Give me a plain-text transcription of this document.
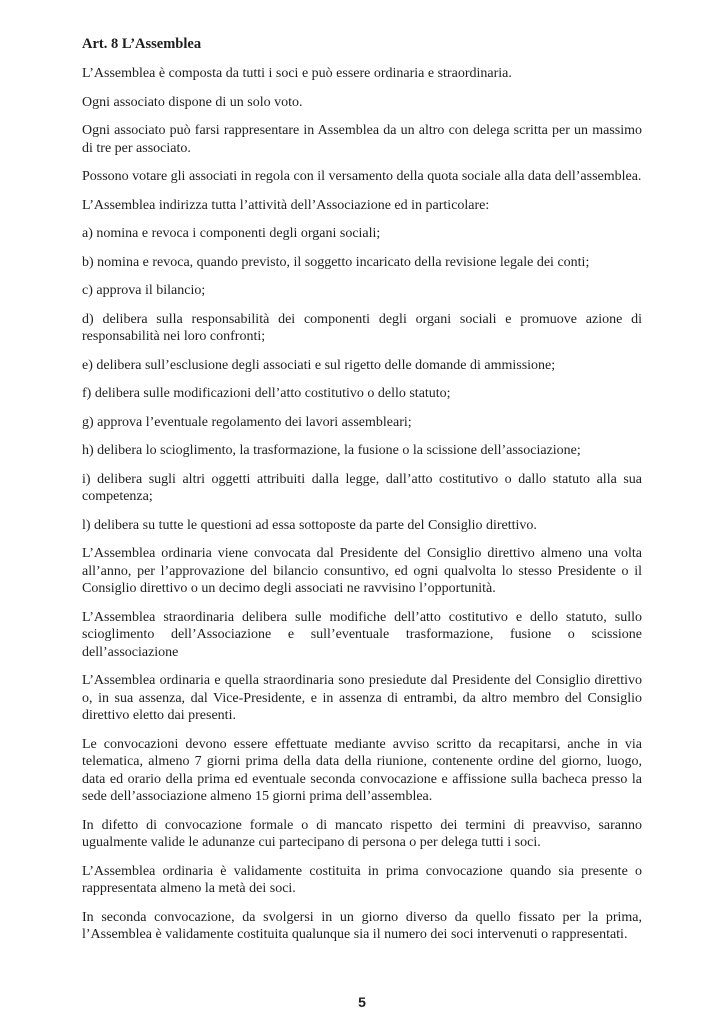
Art. 8 L’Assemblea

L’Assemblea è composta da tutti i soci e può essere ordinaria e straordinaria.

Ogni associato dispone di un solo voto.

Ogni associato può farsi rappresentare in Assemblea da un altro con delega scritta per un massimo di tre per associato.

Possono votare gli associati in regola con il versamento della quota sociale alla data dell’assemblea.

L’Assemblea indirizza tutta l’attività dell’Associazione ed in particolare:

a) nomina e revoca i componenti degli organi sociali;

b) nomina e revoca, quando previsto, il soggetto incaricato della revisione legale dei conti;

c) approva il bilancio;

d) delibera sulla responsabilità dei componenti degli organi sociali e promuove azione di responsabilità nei loro confronti;

e) delibera sull’esclusione degli associati e sul rigetto delle domande di ammissione;

f) delibera sulle modificazioni dell’atto costitutivo o dello statuto;

g) approva l’eventuale regolamento dei lavori assembleari;

h) delibera lo scioglimento, la trasformazione, la fusione o la scissione dell’associazione;

i) delibera sugli altri oggetti attribuiti dalla legge, dall’atto costitutivo o dallo statuto alla sua competenza;

l) delibera su tutte le questioni ad essa sottoposte da parte del Consiglio direttivo.

L’Assemblea ordinaria viene convocata dal Presidente del Consiglio direttivo almeno una volta all’anno, per l’approvazione del bilancio consuntivo, ed ogni qualvolta lo stesso Presidente o il Consiglio direttivo o un decimo degli associati ne ravvisino l’opportunità.

L’Assemblea straordinaria delibera sulle modifiche dell’atto costitutivo e dello statuto, sullo scioglimento dell’Associazione e sull’eventuale trasformazione, fusione o scissione dell’associazione

L’Assemblea ordinaria e quella straordinaria sono presiedute dal Presidente del Consiglio direttivo o, in sua assenza, dal Vice-Presidente, e in assenza di entrambi, da altro membro del Consiglio direttivo eletto dai presenti.

Le convocazioni devono essere effettuate mediante avviso scritto da recapitarsi, anche in via telematica, almeno 7 giorni prima della data della riunione, contenente ordine del giorno, luogo, data ed orario della prima ed eventuale seconda convocazione e affissione sulla bacheca presso la sede dell’associazione almeno 15 giorni prima dell’assemblea.

In difetto di convocazione formale o di mancato rispetto dei termini di preavviso, saranno ugualmente valide le adunanze cui partecipano di persona o per delega tutti i soci.

L’Assemblea ordinaria è validamente costituita in prima convocazione quando sia presente o rappresentata almeno la metà dei soci.

In seconda convocazione, da svolgersi in un giorno diverso da quello fissato per la prima, l’Assemblea è validamente costituita qualunque sia il numero dei soci intervenuti o rappresentati.

5
